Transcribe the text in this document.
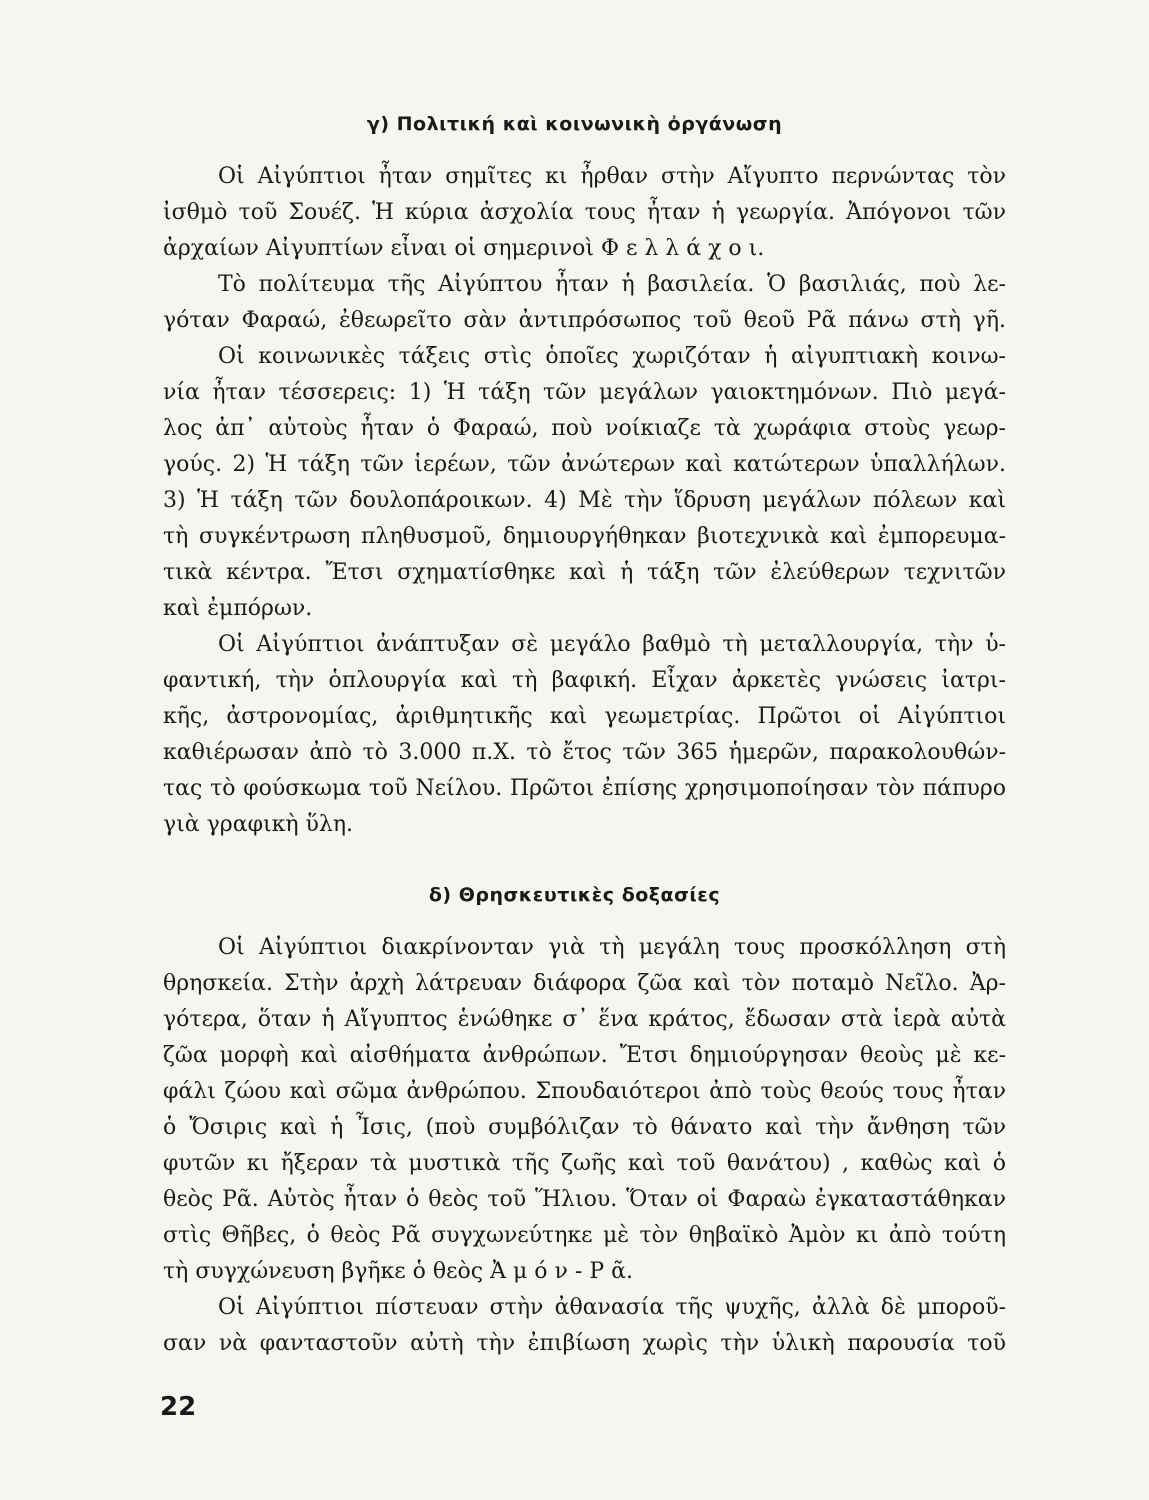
γ) Πολιτική καὶ κοινωνικὴ ὀργάνωση
Οἱ Αἰγύπτιοι ἦταν σημῖτες κι ἦρθαν στὴν Αἴγυπτο περνώντας τὸν
ἰσθμὸ τοῦ Σουέζ. Ἡ κύρια ἀσχολία τους ἦταν ἡ γεωργία. Ἀπόγονοι τῶν
ἀρχαίων Αἰγυπτίων εἶναι οἱ σημερινοὶ Φ ε λ λ ά χ ο ι.
Τὸ πολίτευμα τῆς Αἰγύπτου ἦταν ἡ βασιλεία. Ὁ βασιλιάς, ποὺ λε-
γόταν Φαραώ, ἐθεωρεῖτο σὰν ἀντιπρόσωπος τοῦ θεοῦ Ρᾶ πάνω στὴ γῆ.
Οἱ κοινωνικὲς τάξεις στὶς ὁποῖες χωριζόταν ἡ αἰγυπτιακὴ κοινω-
νία ἦταν τέσσερεις: 1) Ἡ τάξη τῶν μεγάλων γαιοκτημόνων. Πιὸ μεγά-
λος ἀπ᾽ αὐτοὺς ἦταν ὁ Φαραώ, ποὺ νοίκιαζε τὰ χωράφια στοὺς γεωρ-
γούς. 2) Ἡ τάξη τῶν ἱερέων, τῶν ἀνώτερων καὶ κατώτερων ὑπαλλήλων.
3) Ἡ τάξη τῶν δουλοπάροικων. 4) Μὲ τὴν ἵδρυση μεγάλων πόλεων καὶ
τὴ συγκέντρωση πληθυσμοῦ, δημιουργήθηκαν βιοτεχνικὰ καὶ ἐμπορευμα-
τικὰ κέντρα. Ἔτσι σχηματίσθηκε καὶ ἡ τάξη τῶν ἐλεύθερων τεχνιτῶν
καὶ ἐμπόρων.
Οἱ Αἰγύπτιοι ἀνάπτυξαν σὲ μεγάλο βαθμὸ τὴ μεταλλουργία, τὴν ὑ-
φαντική, τὴν ὁπλουργία καὶ τὴ βαφική. Εἶχαν ἀρκετὲς γνώσεις ἰατρι-
κῆς, ἀστρονομίας, ἀριθμητικῆς καὶ γεωμετρίας. Πρῶτοι οἱ Αἰγύπτιοι
καθιέρωσαν ἀπὸ τὸ 3.000 π.Χ. τὸ ἔτος τῶν 365 ἡμερῶν, παρακολουθών-
τας τὸ φούσκωμα τοῦ Νείλου. Πρῶτοι ἐπίσης χρησιμοποίησαν τὸν πάπυρο
γιὰ γραφικὴ ὕλη.
δ) Θρησκευτικὲς δοξασίες
Οἱ Αἰγύπτιοι διακρίνονταν γιὰ τὴ μεγάλη τους προσκόλληση στὴ
θρησκεία. Στὴν ἀρχὴ λάτρευαν διάφορα ζῶα καὶ τὸν ποταμὸ Νεῖλο. Ἀρ-
γότερα, ὅταν ἡ Αἴγυπτος ἑνώθηκε σ᾽ ἕνα κράτος, ἔδωσαν στὰ ἱερὰ αὐτὰ
ζῶα μορφὴ καὶ αἰσθήματα ἀνθρώπων. Ἔτσι δημιούργησαν θεοὺς μὲ κε-
φάλι ζώου καὶ σῶμα ἀνθρώπου. Σπουδαιότεροι ἀπὸ τοὺς θεούς τους ἦταν
ὁ Ὄσιρις καὶ ἡ Ἶσις, (ποὺ συμβόλιζαν τὸ θάνατο καὶ τὴν ἄνθηση τῶν
φυτῶν κι ἤξεραν τὰ μυστικὰ τῆς ζωῆς καὶ τοῦ θανάτου) , καθὼς καὶ ὁ
θεὸς Ρᾶ. Αὐτὸς ἦταν ὁ θεὸς τοῦ Ἥλιου. Ὅταν οἱ Φαραὼ ἐγκαταστάθηκαν
στὶς Θῆβες, ὁ θεὸς Ρᾶ συγχωνεύτηκε μὲ τὸν θηβαϊκὸ Ἀμὸν κι ἀπὸ τούτη
τὴ συγχώνευση βγῆκε ὁ θεὸς Ἀ μ ό ν - Ρ ᾶ.
Οἱ Αἰγύπτιοι πίστευαν στὴν ἀθανασία τῆς ψυχῆς, ἀλλὰ δὲ μποροῦ-
σαν νὰ φανταστοῦν αὐτὴ τὴν ἐπιβίωση χωρὶς τὴν ὑλικὴ παρουσία τοῦ
22
